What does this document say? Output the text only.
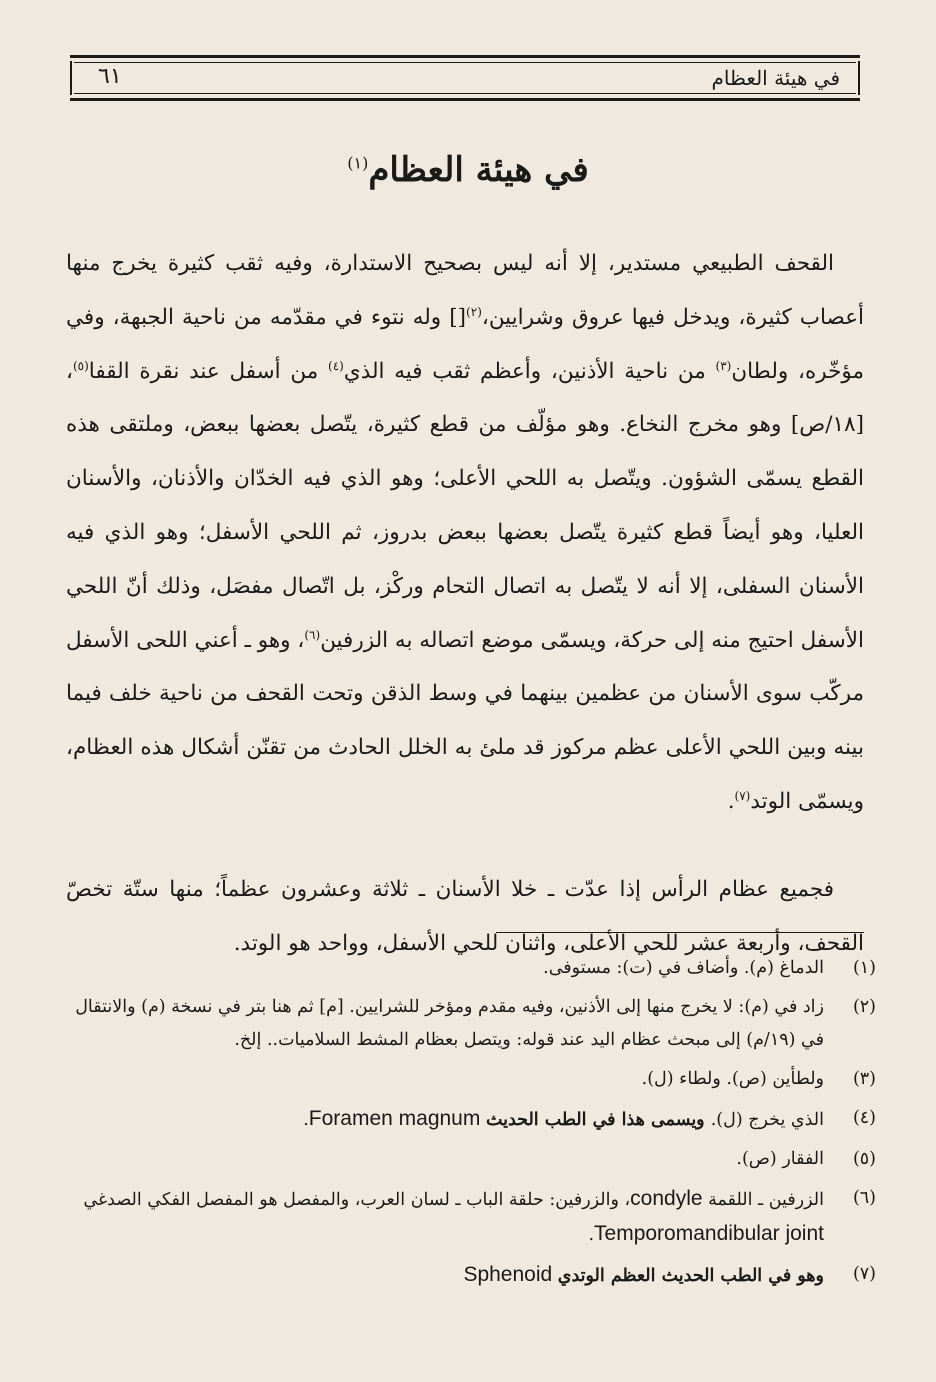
في هيئة العظام
٦١
في هيئة العظام$^{(١)}$

القحف الطبيعي مستدير، إلا أنه ليس بصحيح الاستدارة، وفيه ثقب كثيرة يخرج منها أعصاب كثيرة، ويدخل فيها عروق وشرايين،$^{(٢)}$[] وله نتوء في مقدّمه من ناحية الجبهة، وفي مؤخّره، ولطان$^{(٣)}$ من ناحية الأذنين، وأعظم ثقب فيه الذي$^{(٤)}$ من أسفل عند نقرة القفا$^{(٥)}$، [١٨/ص] وهو مخرج النخاع. وهو مؤلّف من قطع كثيرة، يتّصل بعضها ببعض، وملتقى هذه القطع يسمّى الشؤون. ويتّصل به اللحي الأعلى؛ وهو الذي فيه الخدّان والأذنان، والأسنان العليا، وهو أيضاً قطع كثيرة يتّصل بعضها ببعض بدروز، ثم اللحي الأسفل؛ وهو الذي فيه الأسنان السفلى، إلا أنه لا يتّصل به اتصال التحام وركْز، بل اتّصال مفصَل، وذلك أنّ اللحي الأسفل احتيج منه إلى حركة، ويسمّى موضع اتصاله به الزرفين$^{(٦)}$، وهو ـ أعني اللحى الأسفل مركّب سوى الأسنان من عظمين بينهما في وسط الذقن وتحت القحف من ناحية خلف فيما بينه وبين اللحي الأعلى عظم مركوز قد ملئ به الخلل الحادث من تقنّن أشكال هذه العظام، ويسمّى الوتد$^{(٧)}$.

فجميع عظام الرأس إذا عدّت ـ خلا الأسنان ـ ثلاثة وعشرون عظماً؛ منها ستّة تخصّ القحف، وأربعة عشر للحي الأعلى، واثنان للحي الأسفل، وواحد هو الوتد.

(١)
الدماغ (م). وأضاف في (ت): مستوفى.
(٢)
زاد في (م): لا يخرج منها إلى الأذنين، وفيه مقدم ومؤخر للشرايين. [م] ثم هنا بتر في نسخة (م) والانتقال في (١٩/م) إلى مبحث عظام اليد عند قوله: ويتصل بعظام المشط السلاميات.. إلخ.
(٣)
ولطأين (ص). ولطاء (ل).
(٤)
الذي يخرج (ل). ويسمى هذا في الطب الحديث Foramen magnum.
(٥)
الفقار (ص).
(٦)
الزرفين ـ اللقمة condyle، والزرفين: حلقة الباب ـ لسان العرب، والمفصل هو المفصل الفكي الصدغي Temporomandibular joint.
(٧)
وهو في الطب الحديث العظم الوتدي Sphenoid
